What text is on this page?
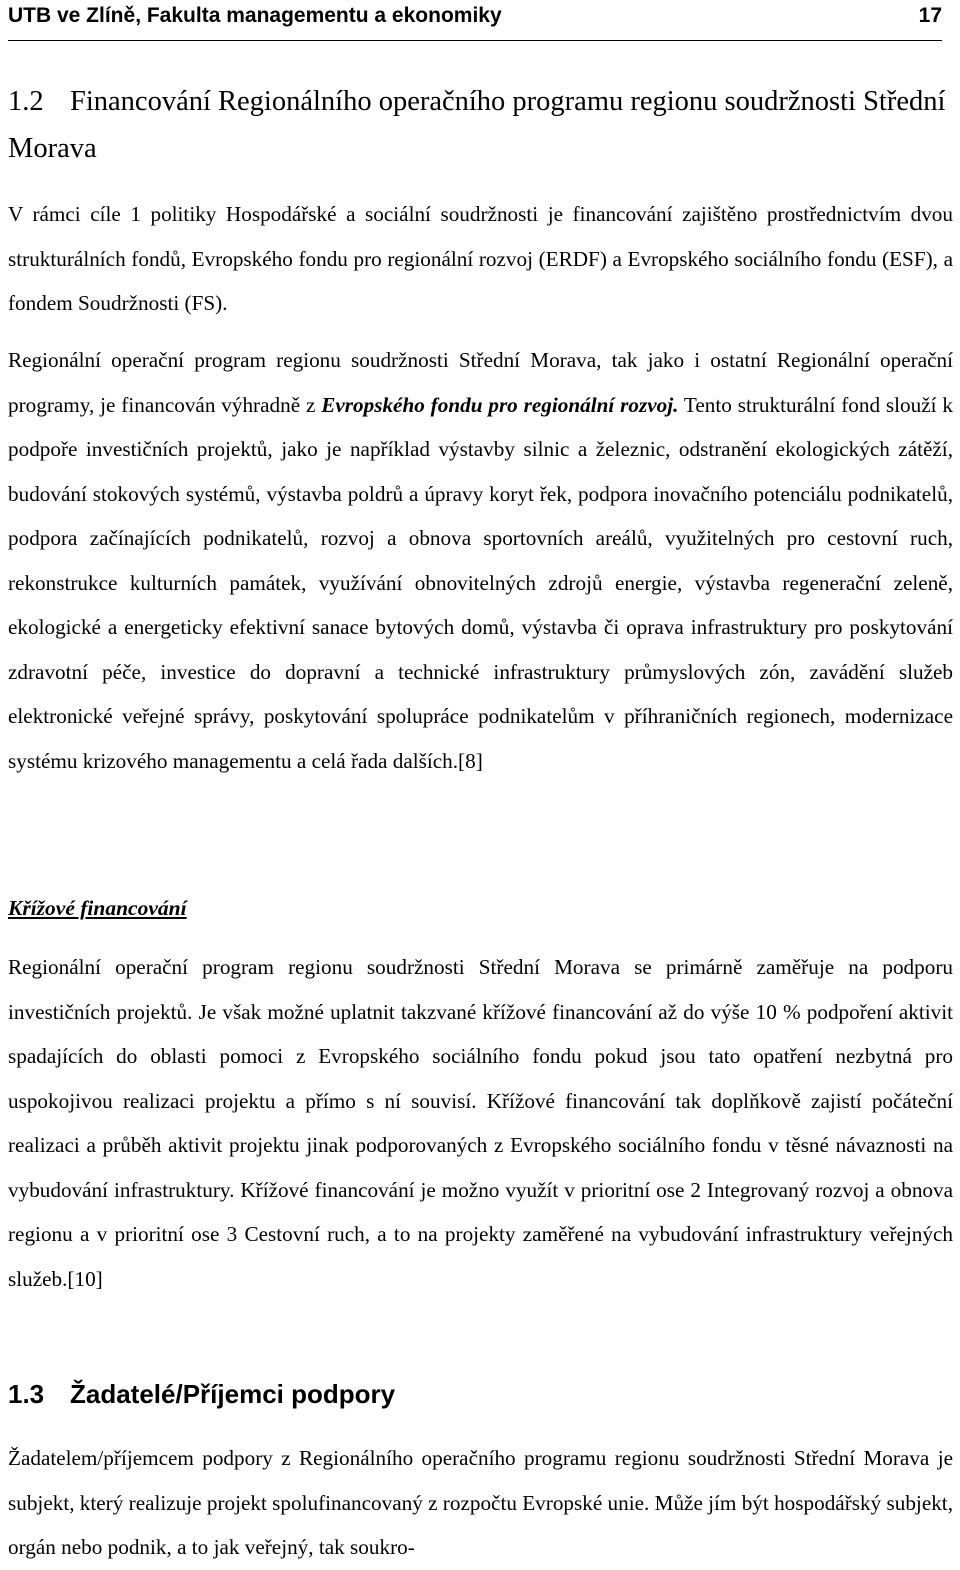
UTB ve Zlíně, Fakulta managementu a ekonomiky	17
1.2 Financování Regionálního operačního programu regionu soudržnosti Střední Morava
V rámci cíle 1 politiky Hospodářské a sociální soudržnosti je financování zajištěno prostřednictvím dvou strukturálních fondů, Evropského fondu pro regionální rozvoj (ERDF) a Evropského sociálního fondu (ESF), a fondem Soudržnosti (FS).
Regionální operační program regionu soudržnosti Střední Morava, tak jako i ostatní Regionální operační programy, je financován výhradně z Evropského fondu pro regionální rozvoj. Tento strukturální fond slouží k podpoře investičních projektů, jako je například výstavby silnic a železnic, odstranění ekologických zátěží, budování stokových systémů, výstavba poldrů a úpravy koryt řek, podpora inovačního potenciálu podnikatelů, podpora začínajících podnikatelů, rozvoj a obnova sportovních areálů, využitelných pro cestovní ruch, rekonstrukce kulturních památek, využívání obnovitelných zdrojů energie, výstavba regenerační zeleně, ekologické a energeticky efektivní sanace bytových domů, výstavba či oprava infrastruktury pro poskytování zdravotní péče, investice do dopravní a technické infrastruktury průmyslových zón, zavádění služeb elektronické veřejné správy, poskytování spolupráce podnikatelům v příhraničních regionech, modernizace systému krizového managementu a celá řada dalších.[8]
Křížové financování
Regionální operační program regionu soudržnosti Střední Morava se primárně zaměřuje na podporu investičních projektů. Je však možné uplatnit takzvané křížové financování až do výše 10 % podpoření aktivit spadajících do oblasti pomoci z Evropského sociálního fondu pokud jsou tato opatření nezbytná pro uspokojivou realizaci projektu a přímo s ní souvisí. Křížové financování tak doplňkově zajistí počáteční realizaci a průběh aktivit projektu jinak podporovaných z Evropského sociálního fondu v těsné návaznosti na vybudování infrastruktury. Křížové financování je možno využít v prioritní ose 2 Integrovaný rozvoj a obnova regionu a v prioritní ose 3 Cestovní ruch, a to na projekty zaměřené na vybudování infrastruktury veřejných služeb.[10]
1.3 Žadatelé/Příjemci podpory
Žadatelem/příjemcem podpory z Regionálního operačního programu regionu soudržnosti Střední Morava je subjekt, který realizuje projekt spolufinancovaný z rozpočtu Evropské unie. Může jím být hospodářský subjekt, orgán nebo podnik, a to jak veřejný, tak soukro-
